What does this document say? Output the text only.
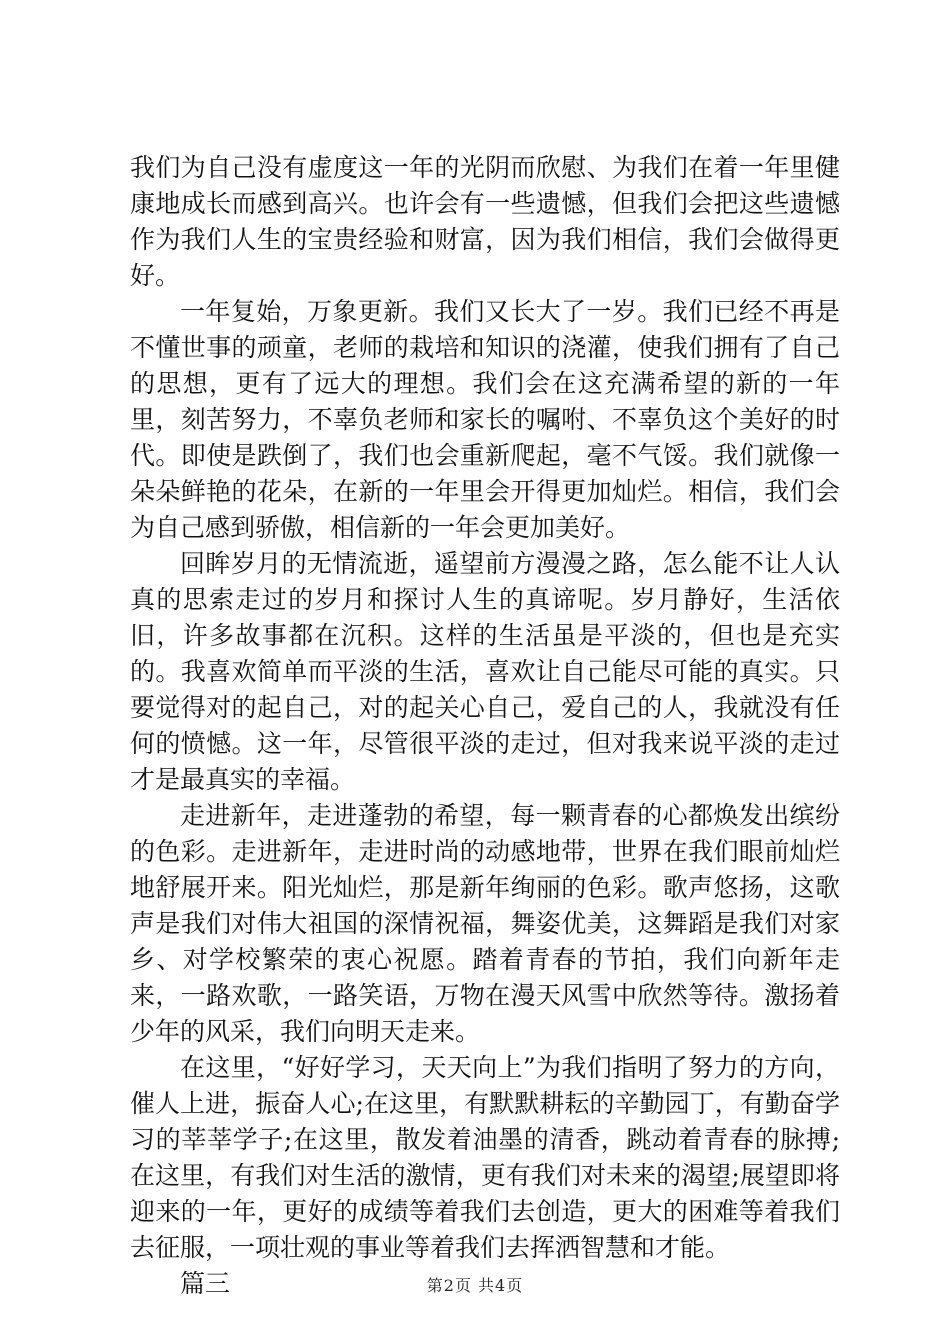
我们为自己没有虚度这一年的光阴而欣慰、为我们在着一年里健康地成长而感到高兴。也许会有一些遗憾，但我们会把这些遗憾作为我们人生的宝贵经验和财富，因为我们相信，我们会做得更好。

一年复始，万象更新。我们又长大了一岁。我们已经不再是不懂世事的顽童，老师的栽培和知识的浇灌，使我们拥有了自己的思想，更有了远大的理想。我们会在这充满希望的新的一年里，刻苦努力，不辜负老师和家长的嘱咐、不辜负这个美好的时代。即使是跌倒了，我们也会重新爬起，毫不气馁。我们就像一朵朵鲜艳的花朵，在新的一年里会开得更加灿烂。相信，我们会为自己感到骄傲，相信新的一年会更加美好。

回眸岁月的无情流逝，遥望前方漫漫之路，怎么能不让人认真的思索走过的岁月和探讨人生的真谛呢。岁月静好，生活依旧，许多故事都在沉积。这样的生活虽是平淡的，但也是充实的。我喜欢简单而平淡的生活，喜欢让自己能尽可能的真实。只要觉得对的起自己，对的起关心自己，爱自己的人，我就没有任何的愤憾。这一年，尽管很平淡的走过，但对我来说平淡的走过才是最真实的幸福。

走进新年，走进蓬勃的希望，每一颗青春的心都焕发出缤纷的色彩。走进新年，走进时尚的动感地带，世界在我们眼前灿烂地舒展开来。阳光灿烂，那是新年绚丽的色彩。歌声悠扬，这歌声是我们对伟大祖国的深情祝福，舞姿优美，这舞蹈是我们对家乡、对学校繁荣的衷心祝愿。踏着青春的节拍，我们向新年走来，一路欢歌，一路笑语，万物在漫天风雪中欣然等待。激扬着少年的风采，我们向明天走来。

在这里，“好好学习，天天向上”为我们指明了努力的方向，催人上进，振奋人心;在这里，有默默耕耘的辛勤园丁，有勤奋学习的莘莘学子;在这里，散发着油墨的清香，跳动着青春的脉搏;在这里，有我们对生活的激情，更有我们对未来的渴望;展望即将迎来的一年，更好的成绩等着我们去创造，更大的困难等着我们去征服，一项壮观的事业等着我们去挥洒智慧和才能。

篇三	第2页 共4页
